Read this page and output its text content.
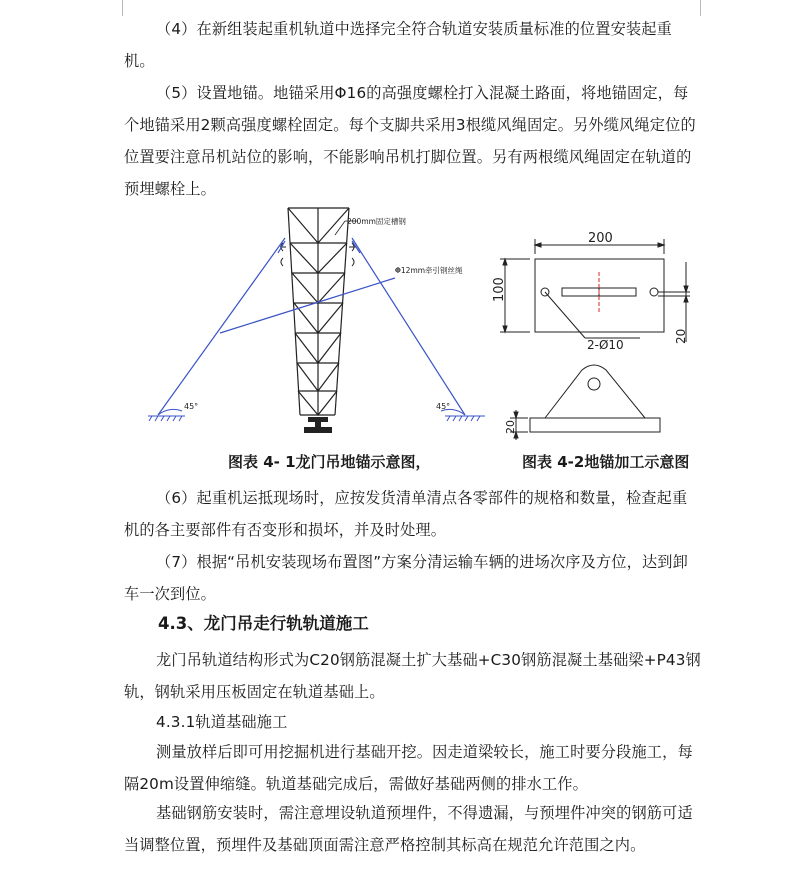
（4）在新组装起重机轨道中选择完全符合轨道安装质量标准的位置安装起重机。

（5）设置地锚。地锚采用Φ16的高强度螺栓打入混凝土路面，将地锚固定，每个地锚采用2颗高强度螺栓固定。每个支脚共采用3根缆风绳固定。另外缆风绳定位的位置要注意吊机站位的影响，不能影响吊机打脚位置。另有两根缆风绳固定在轨道的预埋螺栓上。

200mm固定槽钢
Φ12mm牵引钢丝绳
45°	45°
200
100
20
2-Ø10
20

图表 4- 1龙门吊地锚示意图，	图表 4-2地锚加工示意图

（6）起重机运抵现场时，应按发货清单清点各零部件的规格和数量，检查起重机的各主要部件有否变形和损坏，并及时处理。

（7）根据“吊机安装现场布置图”方案分清运输车辆的进场次序及方位，达到卸车一次到位。

4.3、龙门吊走行轨轨道施工

龙门吊轨道结构形式为C20钢筋混凝土扩大基础+C30钢筋混凝土基础梁+P43钢轨，钢轨采用压板固定在轨道基础上。

4.3.1轨道基础施工

测量放样后即可用挖掘机进行基础开挖。因走道梁较长，施工时要分段施工，每隔20m设置伸缩缝。轨道基础完成后，需做好基础两侧的排水工作。

基础钢筋安装时，需注意埋设轨道预埋件，不得遗漏，与预埋件冲突的钢筋可适当调整位置，预埋件及基础顶面需注意严格控制其标高在规范允许范围之内。
